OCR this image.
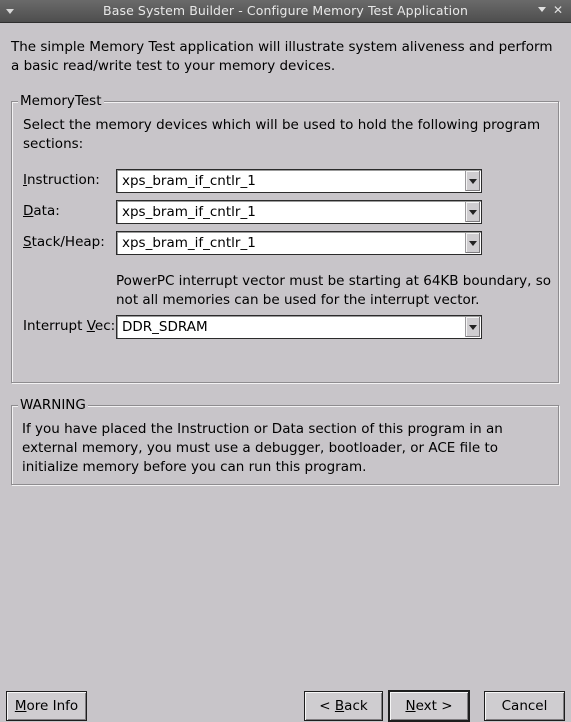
Base System Builder - Configure Memory Test Application	✕
The simple Memory Test application will illustrate system aliveness and perform a basic read/write test to your memory devices.
MemoryTest
Select the memory devices which will be used to hold the following program sections:
Instruction: xps_bram_if_cntlr_1
Data:	xps_bram_if_cntlr_1
Stack/Heap: xps_bram_if_cntlr_1
PowerPC interrupt vector must be starting at 64KB boundary, so not all memories can be used for the interrupt vector.
Interrupt Vec: DDR_SDRAM
WARNING
If you have placed the Instruction or Data section of this program in an external memory, you must use a debugger, bootloader, or ACE file to initialize memory before you can run this program.
More Info	< Back	Next >	Cancel
